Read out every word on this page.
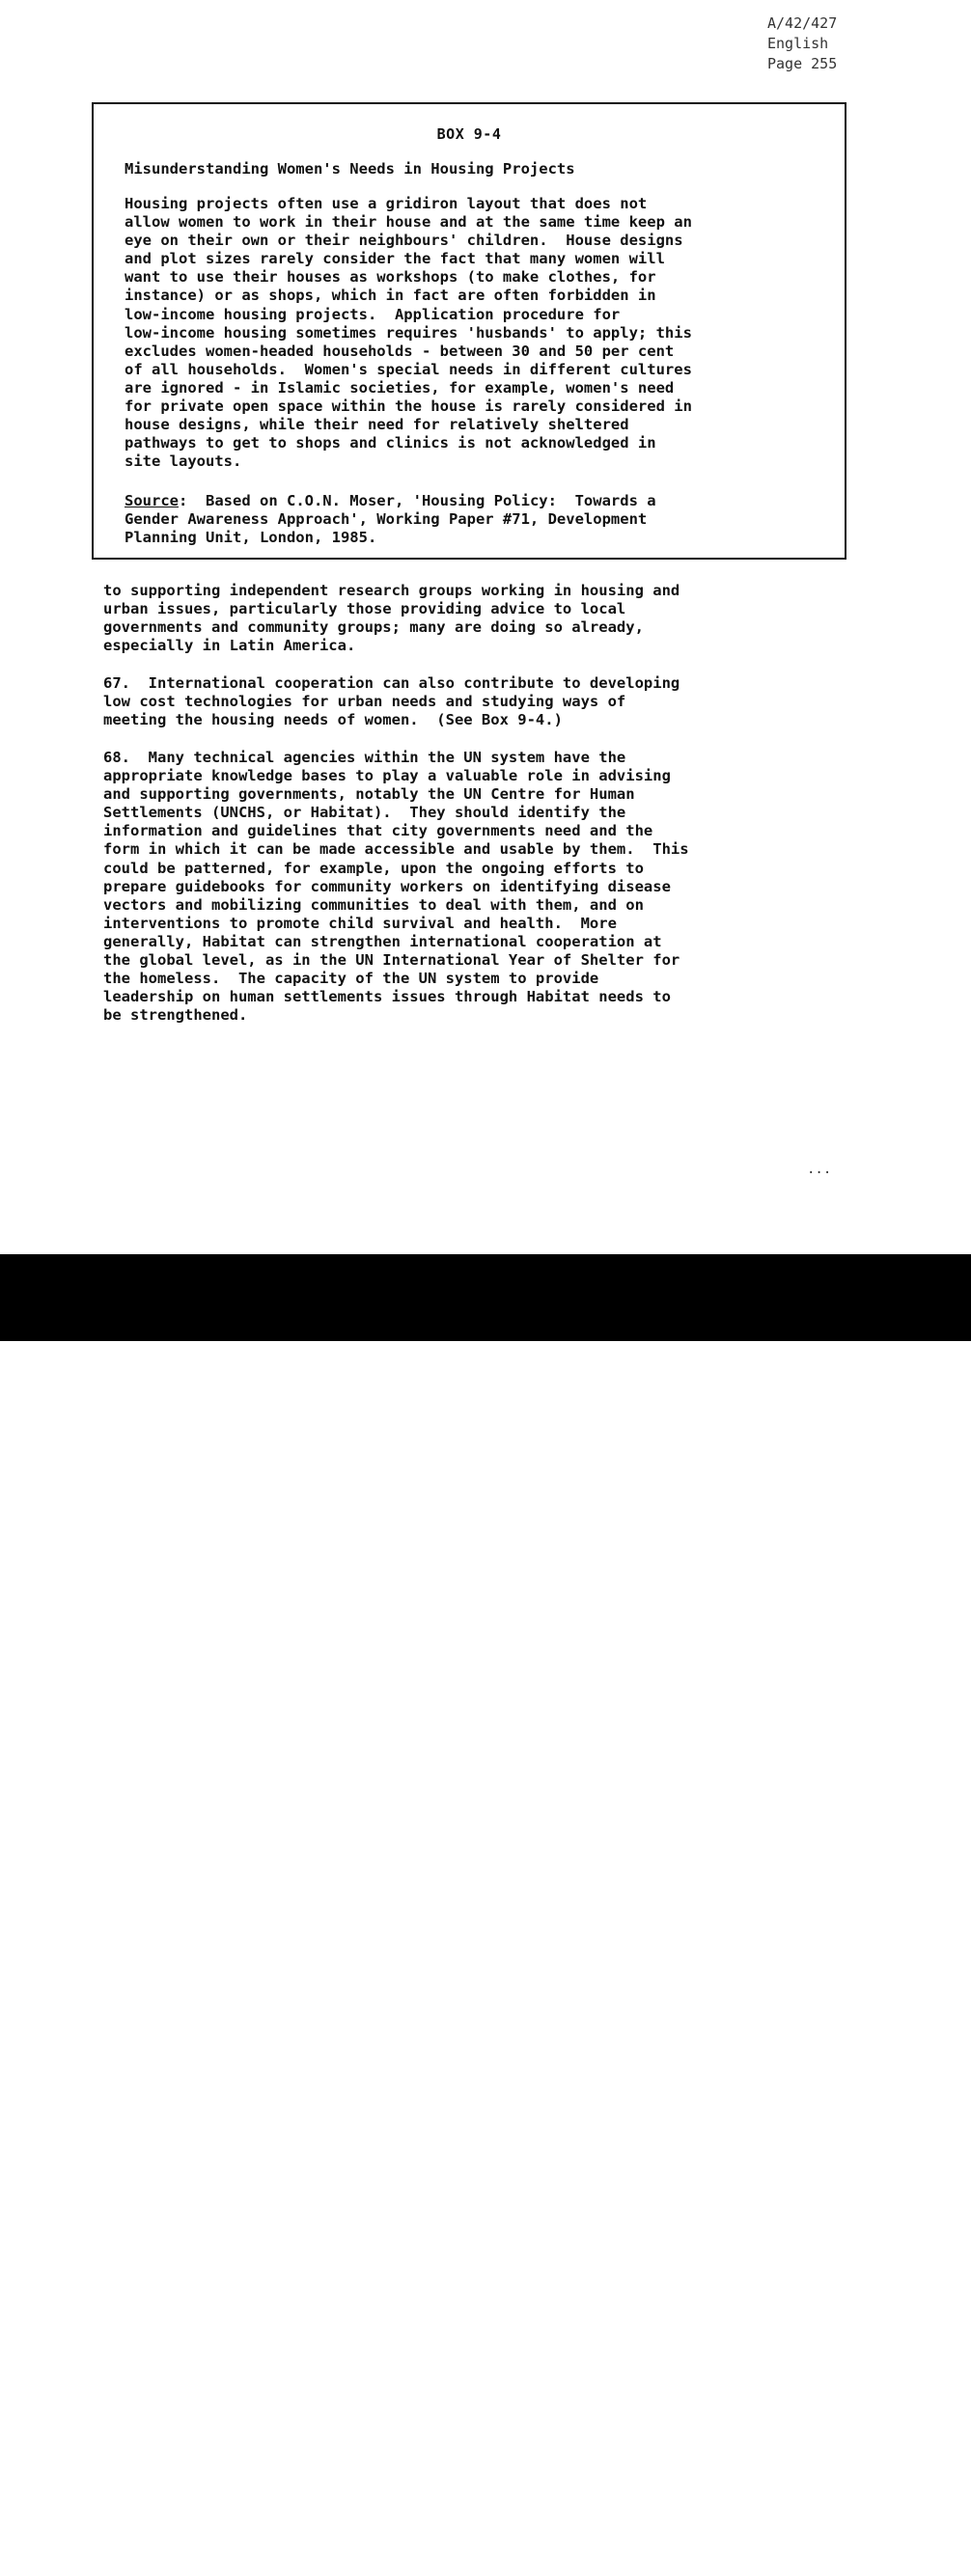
A/42/427
English
Page 255
BOX 9-4
Misunderstanding Women's Needs in Housing Projects
Housing projects often use a gridiron layout that does not
allow women to work in their house and at the same time keep an
eye on their own or their neighbours' children.  House designs
and plot sizes rarely consider the fact that many women will
want to use their houses as workshops (to make clothes, for
instance) or as shops, which in fact are often forbidden in
low-income housing projects.  Application procedure for
low-income housing sometimes requires 'husbands' to apply; this
excludes women-headed households - between 30 and 50 per cent
of all households.  Women's special needs in different cultures
are ignored - in Islamic societies, for example, women's need
for private open space within the house is rarely considered in
house designs, while their need for relatively sheltered
pathways to get to shops and clinics is not acknowledged in
site layouts.
Source:  Based on C.O.N. Moser, 'Housing Policy:  Towards a
Gender Awareness Approach', Working Paper #71, Development
Planning Unit, London, 1985.
to supporting independent research groups working in housing and
urban issues, particularly those providing advice to local
governments and community groups; many are doing so already,
especially in Latin America.
67.  International cooperation can also contribute to developing
low cost technologies for urban needs and studying ways of
meeting the housing needs of women.  (See Box 9-4.)
68.  Many technical agencies within the UN system have the
appropriate knowledge bases to play a valuable role in advising
and supporting governments, notably the UN Centre for Human
Settlements (UNCHS, or Habitat).  They should identify the
information and guidelines that city governments need and the
form in which it can be made accessible and usable by them.  This
could be patterned, for example, upon the ongoing efforts to
prepare guidebooks for community workers on identifying disease
vectors and mobilizing communities to deal with them, and on
interventions to promote child survival and health.  More
generally, Habitat can strengthen international cooperation at
the global level, as in the UN International Year of Shelter for
the homeless.  The capacity of the UN system to provide
leadership on human settlements issues through Habitat needs to
be strengthened.
...
alamy	P2D4RC
